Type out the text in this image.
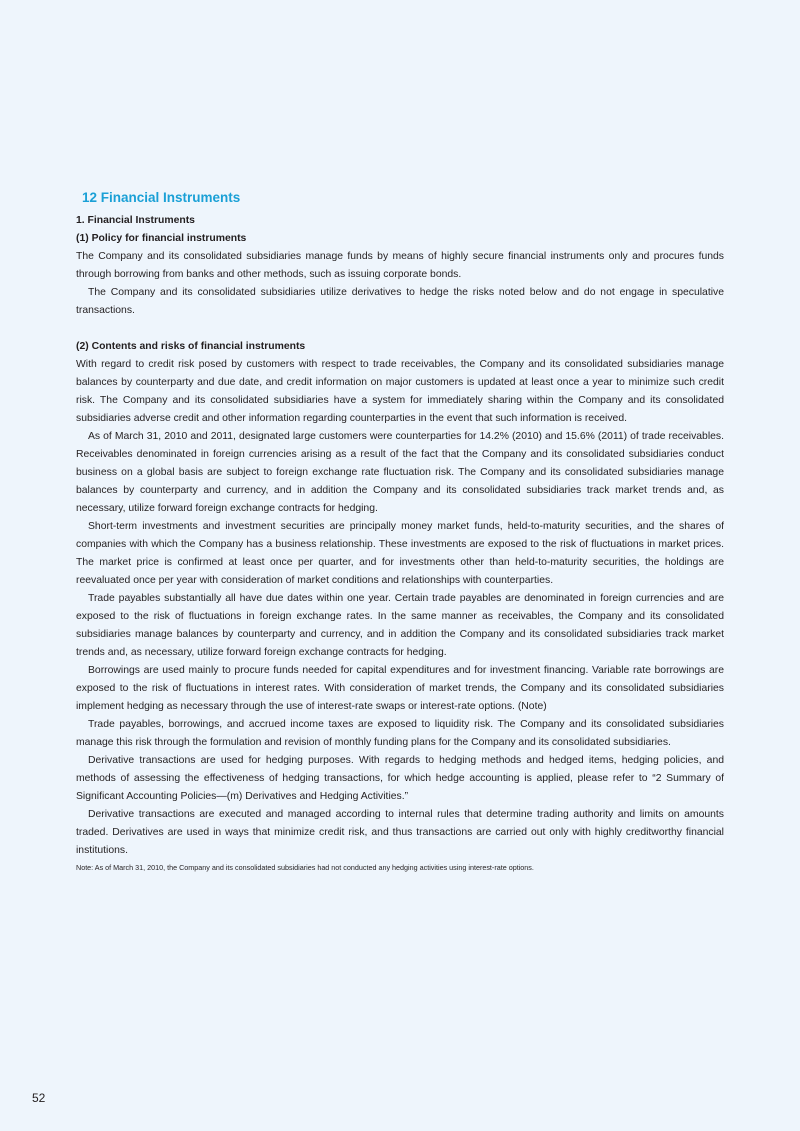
12 Financial Instruments

1. Financial Instruments

(1) Policy for financial instruments

The Company and its consolidated subsidiaries manage funds by means of highly secure financial instruments only and procures funds through borrowing from banks and other methods, such as issuing corporate bonds.

The Company and its consolidated subsidiaries utilize derivatives to hedge the risks noted below and do not engage in speculative transactions.

(2) Contents and risks of financial instruments

With regard to credit risk posed by customers with respect to trade receivables, the Company and its consolidated subsidiaries manage balances by counterparty and due date, and credit information on major customers is updated at least once a year to minimize such credit risk. The Company and its consolidated subsidiaries have a system for immediately sharing within the Company and its consolidated subsidiaries adverse credit and other information regarding counterparties in the event that such information is received.

As of March 31, 2010 and 2011, designated large customers were counterparties for 14.2% (2010) and 15.6% (2011) of trade receivables. Receivables denominated in foreign currencies arising as a result of the fact that the Company and its consolidated subsidiaries conduct business on a global basis are subject to foreign exchange rate fluctuation risk. The Company and its consolidated subsidiaries manage balances by counterparty and currency, and in addition the Company and its consolidated subsidiaries track market trends and, as necessary, utilize forward foreign exchange contracts for hedging.

Short-term investments and investment securities are principally money market funds, held-to-maturity securities, and the shares of companies with which the Company has a business relationship. These investments are exposed to the risk of fluctuations in market prices. The market price is confirmed at least once per quarter, and for investments other than held-to-maturity securities, the holdings are reevaluated once per year with consideration of market conditions and relationships with counterparties.

Trade payables substantially all have due dates within one year. Certain trade payables are denominated in foreign currencies and are exposed to the risk of fluctuations in foreign exchange rates. In the same manner as receivables, the Company and its consolidated subsidiaries manage balances by counterparty and currency, and in addition the Company and its consolidated subsidiaries track market trends and, as necessary, utilize forward foreign exchange contracts for hedging.

Borrowings are used mainly to procure funds needed for capital expenditures and for investment financing. Variable rate borrowings are exposed to the risk of fluctuations in interest rates. With consideration of market trends, the Company and its consolidated subsidiaries implement hedging as necessary through the use of interest-rate swaps or interest-rate options. (Note)

Trade payables, borrowings, and accrued income taxes are exposed to liquidity risk. The Company and its consolidated subsidiaries manage this risk through the formulation and revision of monthly funding plans for the Company and its consolidated subsidiaries.

Derivative transactions are used for hedging purposes. With regards to hedging methods and hedged items, hedging policies, and methods of assessing the effectiveness of hedging transactions, for which hedge accounting is applied, please refer to “2 Summary of Significant Accounting Policies—(m) Derivatives and Hedging Activities.”

Derivative transactions are executed and managed according to internal rules that determine trading authority and limits on amounts traded. Derivatives are used in ways that minimize credit risk, and thus transactions are carried out only with highly creditworthy financial institutions.

Note: As of March 31, 2010, the Company and its consolidated subsidiaries had not conducted any hedging activities using interest-rate options.

52
